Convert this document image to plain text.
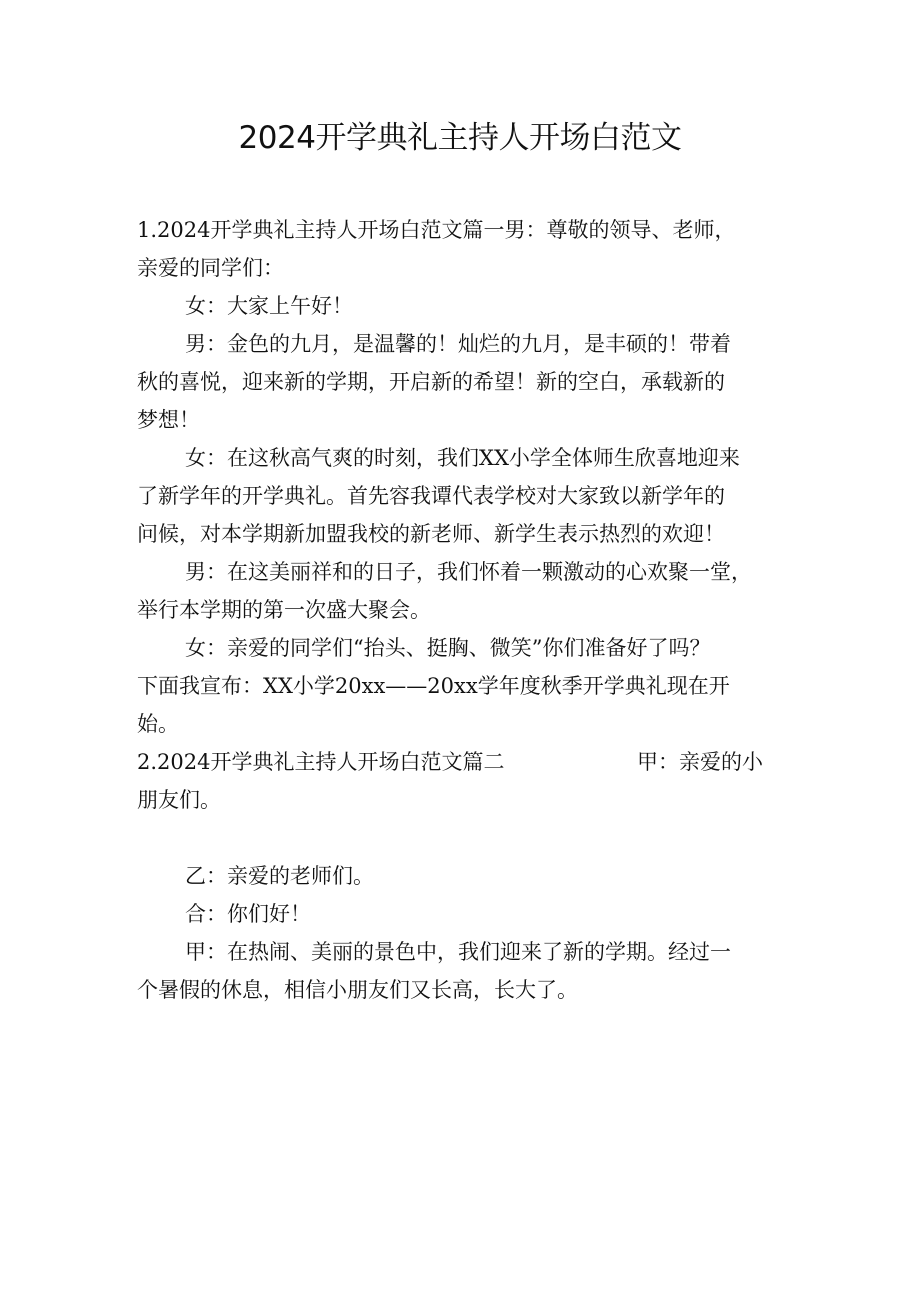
2024开学典礼主持人开场白范文

1.2024开学典礼主持人开场白范文篇一男：尊敬的领导、老师，

亲爱的同学们：

女：大家上午好！

男：金色的九月，是温馨的！灿烂的九月，是丰硕的！带着

秋的喜悦，迎来新的学期，开启新的希望！新的空白，承载新的

梦想！

女：在这秋高气爽的时刻，我们XX小学全体师生欣喜地迎来

了新学年的开学典礼。首先容我谭代表学校对大家致以新学年的

问候，对本学期新加盟我校的新老师、新学生表示热烈的欢迎！

男：在这美丽祥和的日子，我们怀着一颗激动的心欢聚一堂，

举行本学期的第一次盛大聚会。

女：亲爱的同学们“抬头、挺胸、微笑”你们准备好了吗？

下面我宣布：XX小学20xx——20xx学年度秋季开学典礼现在开

始。

2.2024开学典礼主持人开场白范文篇二	甲：亲爱的小

朋友们。

乙：亲爱的老师们。

合：你们好！

甲：在热闹、美丽的景色中，我们迎来了新的学期。经过一

个暑假的休息，相信小朋友们又长高，长大了。
